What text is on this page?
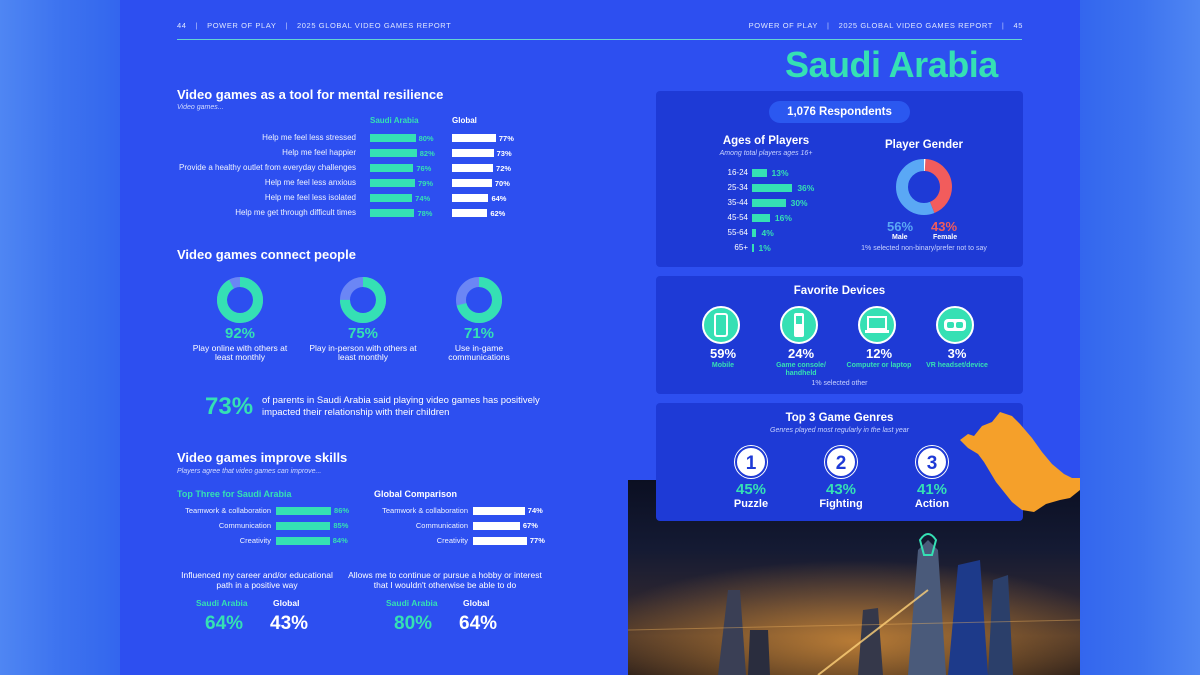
44 | POWER OF PLAY | 2025 GLOBAL VIDEO GAMES REPORT	POWER OF PLAY | 2025 GLOBAL VIDEO GAMES REPORT | 45
Saudi Arabia
Video games as a tool for mental resilience
Video games...
Saudi Arabia	Global
Help me feel less stressed	80%	77%
Help me feel happier	82%	73%
Provide a healthy outlet from everyday challenges	76%	72%
Help me feel less anxious	79%	70%
Help me feel less isolated	74%	64%
Help me get through difficult times	78%	62%
Video games connect people
92%
Play online with others at least monthly
75%
Play in-person with others at least monthly
71%
Use in-game communications
73% of parents in Saudi Arabia said playing video games has positively impacted their relationship with their children
Video games improve skills
Players agree that video games can improve...
Top Three for Saudi Arabia	Global Comparison
Teamwork & collaboration	86%
Communication	85%
Creativity	84%
Teamwork & collaboration	74%
Communication	67%
Creativity	77%
Influenced my career and/or educational path in a positive way
Allows me to continue or pursue a hobby or interest that I wouldn't otherwise be able to do
Saudi Arabia	Global
64% 43%
Saudi Arabia	Global
80% 64%
1,076 Respondents
Ages of Players
Among total players ages 16+
16-24	13%
25-34	36%
35-44	30%
45-54	16%
55-64 4%
65+ 1%
Player Gender
56% 43%
Male	Female
1% selected non-binary/prefer not to say
Favorite Devices
59%
Mobile
24%
Game console/ handheld
12%
Computer or laptop
3%
VR headset/device
1% selected other
Top 3 Game Genres
Genres played most regularly in the last year
1
45%
Puzzle
2
43%
Fighting
3
41%
Action
